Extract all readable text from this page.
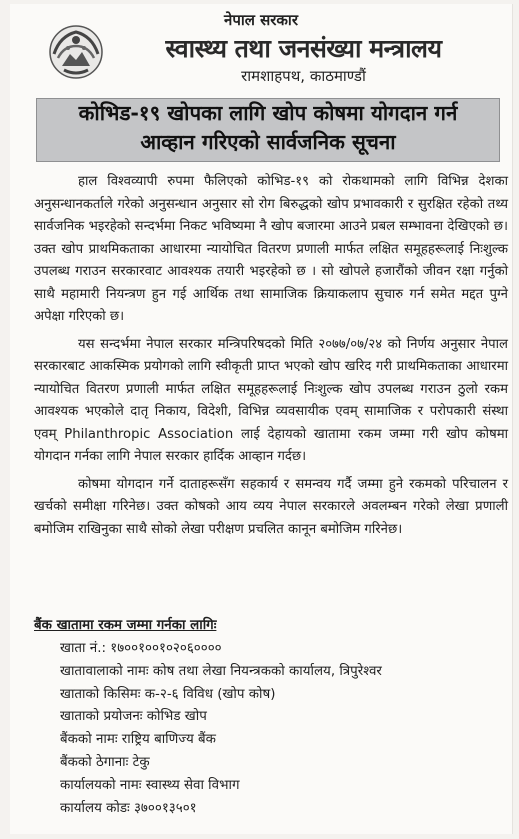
नेपाल सरकार
स्वास्थ्य तथा जनसंख्या मन्त्रालय
रामशाहपथ, काठमाण्डौं
कोभिड-१९ खोपका लागि खोप कोषमा योगदान गर्न
आव्हान गरिएको सार्वजनिक सूचना

हाल विश्वव्यापी रुपमा फैलिएको कोभिड-१९ को रोकथामको लागि विभिन्न देशका अनुसन्धानकर्ताले गरेको अनुसन्धान अनुसार सो रोग बिरुद्धको खोप प्रभावकारी र सुरक्षित रहेको तथ्य सार्वजनिक भइरहेको सन्दर्भमा निकट भविष्यमा नै खोप बजारमा आउने प्रबल सम्भावना देखिएको छ। उक्त खोप प्राथमिकताका आधारमा न्यायोचित वितरण प्रणाली मार्फत लक्षित समूहहरूलाई निःशुल्क उपलब्ध गराउन सरकारवाट आवश्यक तयारी भइरहेको छ । सो खोपले हजारौंको जीवन रक्षा गर्नुको साथै महामारी नियन्त्रण हुन गई आर्थिक तथा सामाजिक क्रियाकलाप सुचारु गर्न समेत मद्दत पुग्ने अपेक्षा गरिएको छ।

यस सन्दर्भमा नेपाल सरकार मन्त्रिपरिषदको मिति २०७७/०७/२४ को निर्णय अनुसार नेपाल सरकारबाट आकस्मिक प्रयोगको लागि स्वीकृती प्राप्त भएको खोप खरिद गरी प्राथमिकताका आधारमा न्यायोचित वितरण प्रणाली मार्फत लक्षित समूहहरूलाई निःशुल्क खोप उपलब्ध गराउन ठुलो रकम आवश्यक भएकोले दातृ निकाय, विदेशी, विभिन्न व्यवसायीक एवम् सामाजिक र परोपकारी संस्था एवम् Philanthropic Association लाई देहायको खातामा रकम जम्मा गरी खोप कोषमा योगदान गर्नका लागि नेपाल सरकार हार्दिक आव्हान गर्दछ।

कोषमा योगदान गर्ने दाताहरूसँग सहकार्य र समन्वय गर्दै जम्मा हुने रकमको परिचालन र खर्चको समीक्षा गरिनेछ। उक्त कोषको आय व्यय नेपाल सरकारले अवलम्बन गरेको लेखा प्रणाली बमोजिम राखिनुका साथै सोको लेखा परीक्षण प्रचलित कानून बमोजिम गरिनेछ।

बैंक खातामा रकम जम्मा गर्नका लागिः
खाता नं.: १७००१००१०२०६००००
खातावालाको नामः कोष तथा लेखा नियन्त्रकको कार्यालय, त्रिपुरेश्वर
खाताको किसिमः क-२-६ विविध (खोप कोष)
खाताको प्रयोजनः कोभिड खोप
बैंकको नामः राष्ट्रिय बाणिज्य बैंक
बैंकको ठेगानाः टेकु
कार्यालयको नामः स्वास्थ्य सेवा विभाग
कार्यालय कोडः ३७००१३५०१
